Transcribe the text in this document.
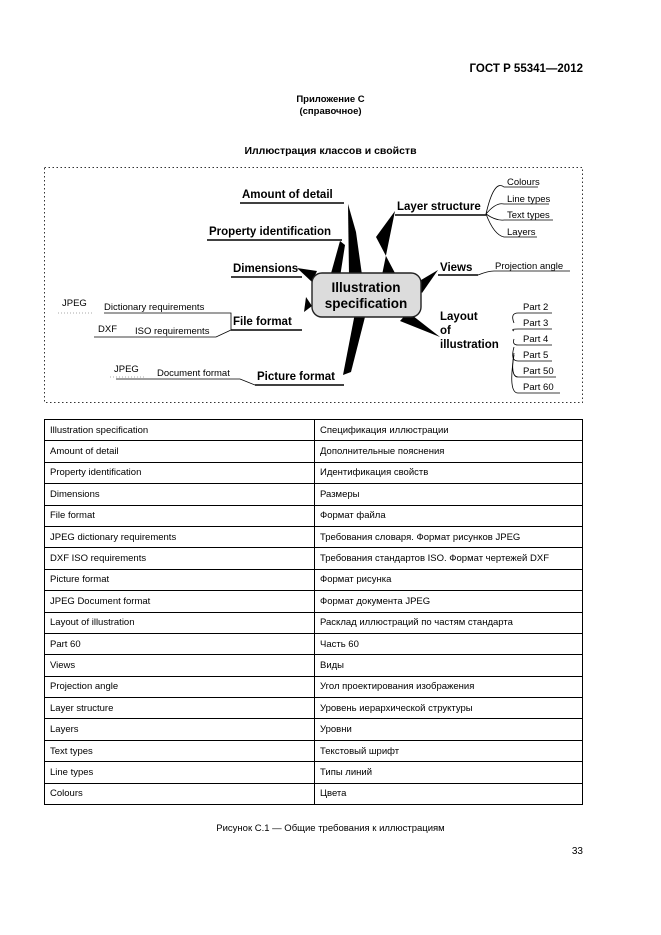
ГОСТ Р 55341—2012
Приложение С
(справочное)
Иллюстрация классов и свойств
Illustration
specification
Amount of detail
Property identification
Dimensions
File format
Picture format
Layer structure
Views
Layout
of
illustration
Colours
Line types
Text types
Layers
Projection angle
JPEG Dictionary requirements
DXF ISO requirements
JPEG Document format
Part 2
Part 3
Part 4
Part 5
Part 50
Part 60
Illustration specification	Спецификация иллюстрации
Amount of detail	Дополнительные пояснения
Property identification	Идентификация свойств
Dimensions	Размеры
File format	Формат файла
JPEG dictionary requirements	Требования словаря. Формат рисунков JPEG
DXF ISO requirements	Требования стандартов ISO. Формат чертежей DXF
Picture format	Формат рисунка
JPEG Document format	Формат документа JPEG
Layout of illustration	Расклад иллюстраций по частям стандарта
Part 60	Часть 60
Views	Виды
Projection angle	Угол проектирования изображения
Layer structure	Уровень иерархической структуры
Layers	Уровни
Text types	Текстовый шрифт
Line types	Типы линий
Colours	Цвета
Рисунок С.1 — Общие требования к иллюстрациям
33
